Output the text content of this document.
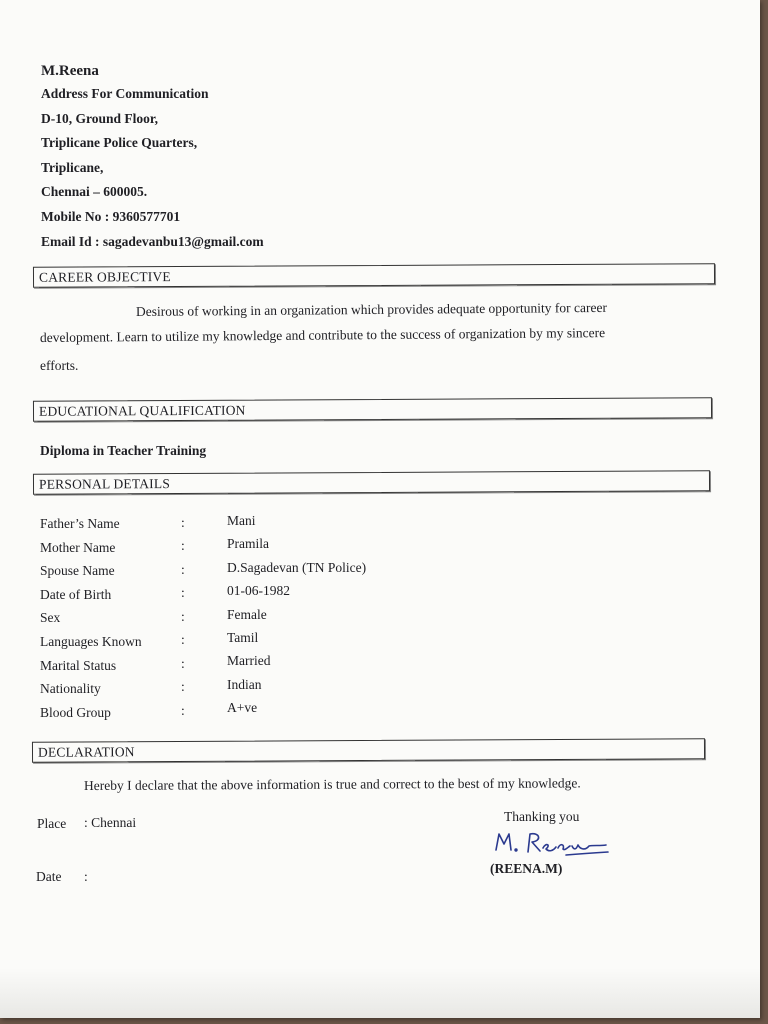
M.Reena
Address For Communication
D-10, Ground Floor,
Triplicane Police Quarters,
Triplicane,
Chennai – 600005.
Mobile No : 9360577701
Email Id : sagadevanbu13@gmail.com
CAREER OBJECTIVE
Desirous of working in an organization which provides adequate opportunity for career
development. Learn to utilize my knowledge and contribute to the success of organization by my sincere
efforts.
EDUCATIONAL QUALIFICATION
Diploma in Teacher Training
PERSONAL DETAILS
Father’s Name	:	Mani
Mother Name	:	Pramila
Spouse Name	:	D.Sagadevan (TN Police)
Date of Birth	:	01-06-1982
Sex	:	Female
Languages Known	:	Tamil
Marital Status	:	Married
Nationality	:	Indian
Blood Group	:	A+ve
DECLARATION
Hereby I declare that the above information is true and correct to the best of my knowledge.
Place : Chennai	Thanking you
(REENA.M)
Date :
